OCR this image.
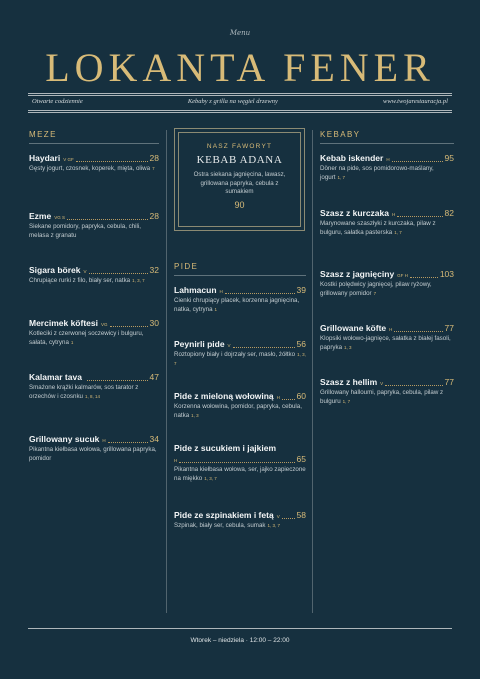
Menu
LOKANTA FENER
Otwarte codziennie	Kebaby z grilla na węgiel drzewny	www.twojarestauracja.pl
MEZE
Haydari V GF	28
Gęsty jogurt, czosnek, koperek, mięta, oliwa 7
Ezme VG S	28
Siekane pomidory, papryka, cebula, chili, melasa z granatu
Sigara börek V	32
Chrupiące rurki z filo, biały ser, natka 1, 3, 7
Mercimek köftesi VG	30
Kotleciki z czerwonej soczewicy i bulguru, sałata, cytryna 1
Kalamar tava	47
Smażone krążki kalmarów, sos tarator z orzechów i czosnku 1, 8, 14
Grillowany sucuk H	34
Pikantna kiełbasa wołowa, grillowana papryka, pomidor
NASZ FAWORYT
KEBAB ADANA
Ostra siekana jagnięcina, lawasz, grillowana papryka, cebula z sumakiem
90
PIDE
Lahmacun H	39
Cienki chrupiący placek, korzenna jagnięcina, natka, cytryna 1
Peynirli pide V	56
Roztopiony biały i dojrzały ser, masło, żółtko 1, 3, 7
Pide z mieloną wołowiną H 60
Korzenna wołowina, pomidor, papryka, cebula, natka 1, 3
Pide z sucukiem i jajkiem
H	65
Pikantna kiełbasa wołowa, ser, jajko zapieczone na miękko 1, 3, 7
Pide ze szpinakiem i fetą V 58
Szpinak, biały ser, cebula, sumak 1, 3, 7
KEBABY
Kebab iskender H	95
Döner na pide, sos pomidorowo-maślany, jogurt 1, 7
Szasz z kurczaka H	82
Marynowane szaszłyki z kurczaka, pilaw z bulguru, sałatka pasterska 1, 7
Szasz z jagnięciny GF H	103
Kostki polędwicy jagnięcej, pilaw ryżowy, grillowany pomidor 7
Grillowane köfte H	77
Klopsiki wołowo-jagnięce, sałatka z białej fasoli, papryka 1, 3
Szasz z hellim V	77
Grillowany halloumi, papryka, cebula, pilaw z bulguru 1, 7
Wtorek – niedziela · 12:00 – 22:00
